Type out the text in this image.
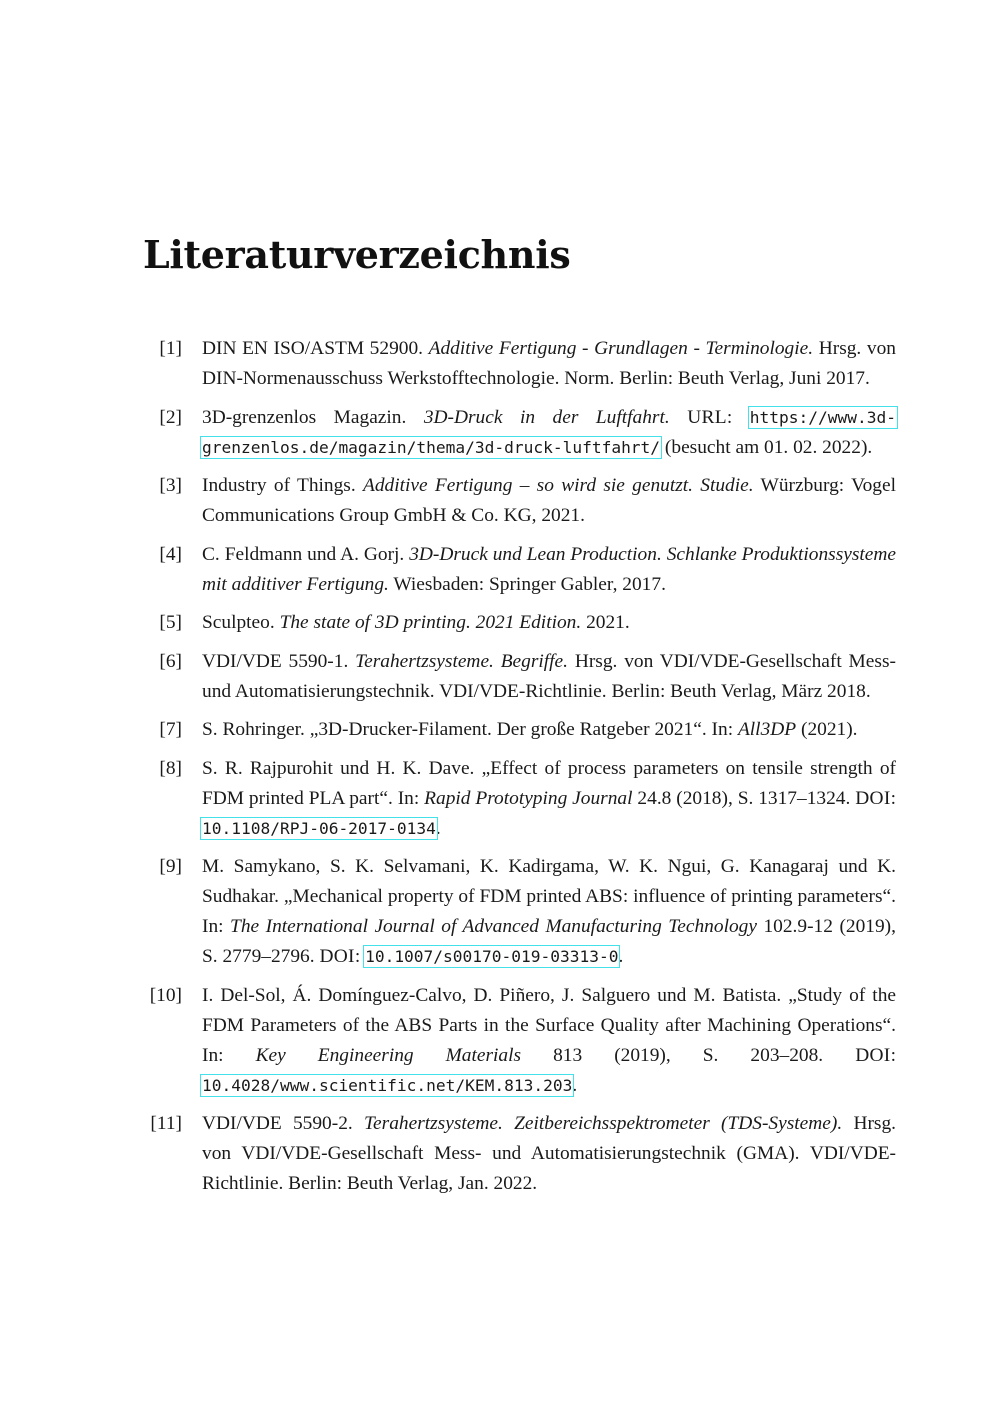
Literaturverzeichnis
[1] DIN EN ISO/ASTM 52900. Additive Fertigung - Grundlagen - Terminologie. Hrsg. von DIN-Normenausschuss Werkstofftechnologie. Norm. Berlin: Beuth Verlag, Juni 2017.
[2] 3D-grenzenlos Magazin. 3D-Druck in der Luftfahrt. URL: https://www.3d-grenzenlos.de/magazin/thema/3d-druck-luftfahrt/ (besucht am 01. 02. 2022).
[3] Industry of Things. Additive Fertigung – so wird sie genutzt. Studie. Würzburg: Vogel Communications Group GmbH & Co. KG, 2021.
[4] C. Feldmann und A. Gorj. 3D-Druck und Lean Production. Schlanke Produktionssysteme mit additiver Fertigung. Wiesbaden: Springer Gabler, 2017.
[5] Sculpteo. The state of 3D printing. 2021 Edition. 2021.
[6] VDI/VDE 5590-1. Terahertzsysteme. Begriffe. Hrsg. von VDI/VDE-Gesellschaft Mess- und Automatisierungstechnik. VDI/VDE-Richtlinie. Berlin: Beuth Verlag, März 2018.
[7] S. Rohringer. „3D-Drucker-Filament. Der große Ratgeber 2021“. In: All3DP (2021).
[8] S. R. Rajpurohit und H. K. Dave. „Effect of process parameters on tensile strength of FDM printed PLA part“. In: Rapid Prototyping Journal 24.8 (2018), S. 1317–1324. DOI: 10.1108/RPJ-06-2017-0134.
[9] M. Samykano, S. K. Selvamani, K. Kadirgama, W. K. Ngui, G. Kanagaraj und K. Sudhakar. „Mechanical property of FDM printed ABS: influence of printing parameters“. In: The International Journal of Advanced Manufacturing Technology 102.9-12 (2019), S. 2779–2796. DOI: 10.1007/s00170-019-03313-0.
[10] I. Del-Sol, Á. Domínguez-Calvo, D. Piñero, J. Salguero und M. Batista. „Study of the FDM Parameters of the ABS Parts in the Surface Quality after Machining Operations“. In: Key Engineering Materials 813 (2019), S. 203–208. DOI: 10.4028/www.scientific.net/KEM.813.203.
[11] VDI/VDE 5590-2. Terahertzsysteme. Zeitbereichsspektrometer (TDS-Systeme). Hrsg. von VDI/VDE-Gesellschaft Mess- und Automatisierungstechnik (GMA). VDI/VDE-Richtlinie. Berlin: Beuth Verlag, Jan. 2022.
